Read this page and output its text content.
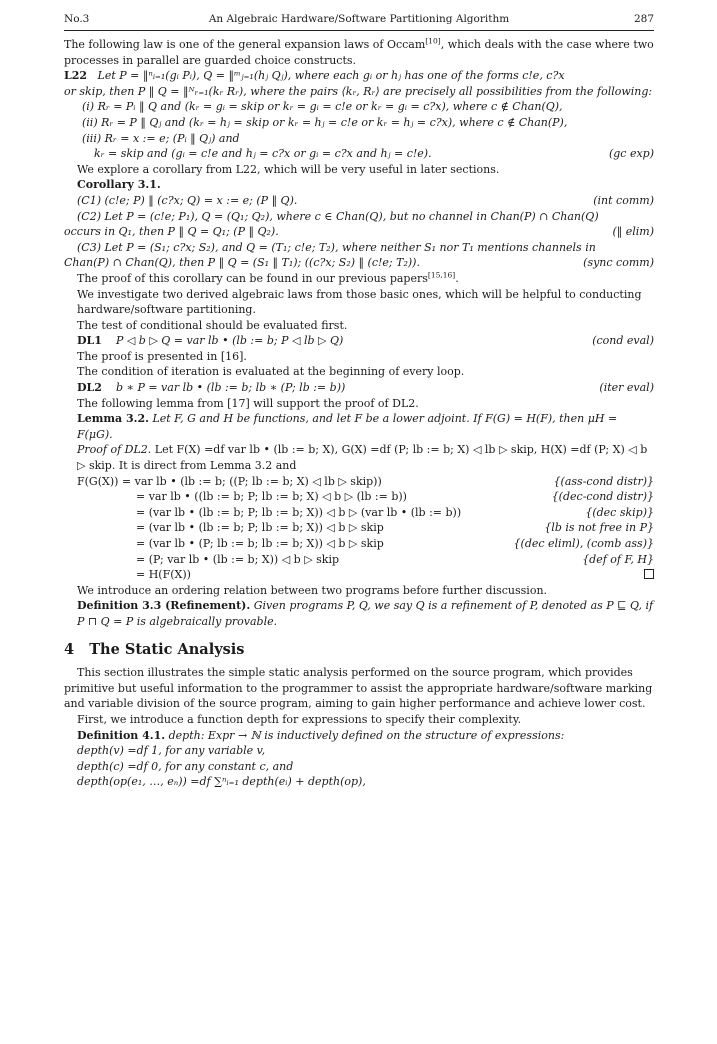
No.3	An Algebraic Hardware/Software Partitioning Algorithm	287

The following law is one of the general expansion laws of Occam[10], which deals with the case where two processes in parallel are guarded choice constructs.

L22 Let P = ‖ⁿᵢ₌₁(gᵢ Pᵢ), Q = ‖ᵐⱼ₌₁(hⱼ Qⱼ), where each gᵢ or hⱼ has one of the forms c!e, c?x

or skip, then P ‖ Q = ‖ᴺᵣ₌₁(kᵣ Rᵣ), where the pairs ⟨kᵣ, Rᵣ⟩ are precisely all possibilities from the following:

(i) Rᵣ = Pᵢ ‖ Q and (kᵣ = gᵢ = skip or kᵣ = gᵢ = c!e or kᵣ = gᵢ = c?x), where c ∉ Chan(Q),

(ii) Rᵣ = P ‖ Qⱼ and (kᵣ = hⱼ = skip or kᵣ = hⱼ = c!e or kᵣ = hⱼ = c?x), where c ∉ Chan(P),

(iii) Rᵣ = x := e; (Pᵢ ‖ Qⱼ) and

kᵣ = skip and (gᵢ = c!e and hⱼ = c?x or gᵢ = c?x and hⱼ = c!e).	(gc exp)

We explore a corollary from L22, which will be very useful in later sections.

Corollary 3.1.

(C1) (c!e; P) ‖ (c?x; Q) = x := e; (P ‖ Q).	(int comm)

(C2) Let P = (c!e; P₁), Q = (Q₁; Q₂), where c ∈ Chan(Q), but no channel in Chan(P) ∩ Chan(Q)

occurs in Q₁, then P ‖ Q = Q₁; (P ‖ Q₂).	(‖ elim)

(C3) Let P = (S₁; c?x; S₂), and Q = (T₁; c!e; T₂), where neither S₁ nor T₁ mentions channels in

Chan(P) ∩ Chan(Q), then P ‖ Q = (S₁ ‖ T₁); ((c?x; S₂) ‖ (c!e; T₂)).	(sync comm)

The proof of this corollary can be found in our previous papers[15,16].

We investigate two derived algebraic laws from those basic ones, which will be helpful to conducting hardware/software partitioning.

The test of conditional should be evaluated first.

DL1 P ◁ b ▷ Q = var lb • (lb := b; P ◁ lb ▷ Q)	(cond eval)

The proof is presented in [16].

The condition of iteration is evaluated at the beginning of every loop.

DL2 b ∗ P = var lb • (lb := b; lb ∗ (P; lb := b))	(iter eval)

The following lemma from [17] will support the proof of DL2.

Lemma 3.2. Let F, G and H be functions, and let F be a lower adjoint. If F(G) = H(F), then μH = F(μG).

Proof of DL2. Let F(X) =df var lb • (lb := b; X), G(X) =df (P; lb := b; X) ◁ lb ▷ skip, H(X) =df (P; X) ◁ b ▷ skip. It is direct from Lemma 3.2 and

F(G(X)) = var lb • (lb := b; ((P; lb := b; X) ◁ lb ▷ skip))	{(ass-cond distr)}
= var lb • ((lb := b; P; lb := b; X) ◁ b ▷ (lb := b))	{(dec-cond distr)}
= (var lb • (lb := b; P; lb := b; X)) ◁ b ▷ (var lb • (lb := b))	{(dec skip)}
= (var lb • (lb := b; P; lb := b; X)) ◁ b ▷ skip	{lb is not free in P}
= (var lb • (P; lb := b; lb := b; X)) ◁ b ▷ skip	{(dec eliml), (comb ass)}
= (P; var lb • (lb := b; X)) ◁ b ▷ skip	{def of F, H}
= H(F(X))

We introduce an ordering relation between two programs before further discussion.

Definition 3.3 (Refinement). Given programs P, Q, we say Q is a refinement of P, denoted as P ⊑ Q, if P ⊓ Q = P is algebraically provable.

4 The Static Analysis

This section illustrates the simple static analysis performed on the source program, which provides primitive but useful information to the programmer to assist the appropriate hardware/software marking and variable division of the source program, aiming to gain higher performance and achieve lower cost.

First, we introduce a function depth for expressions to specify their complexity.

Definition 4.1. depth: Expr → ℕ is inductively defined on the structure of expressions:

depth(v) =df 1, for any variable v,

depth(c) =df 0, for any constant c, and

depth(op(e₁, …, eₙ)) =df ∑ⁿᵢ₌₁ depth(eᵢ) + depth(op),
